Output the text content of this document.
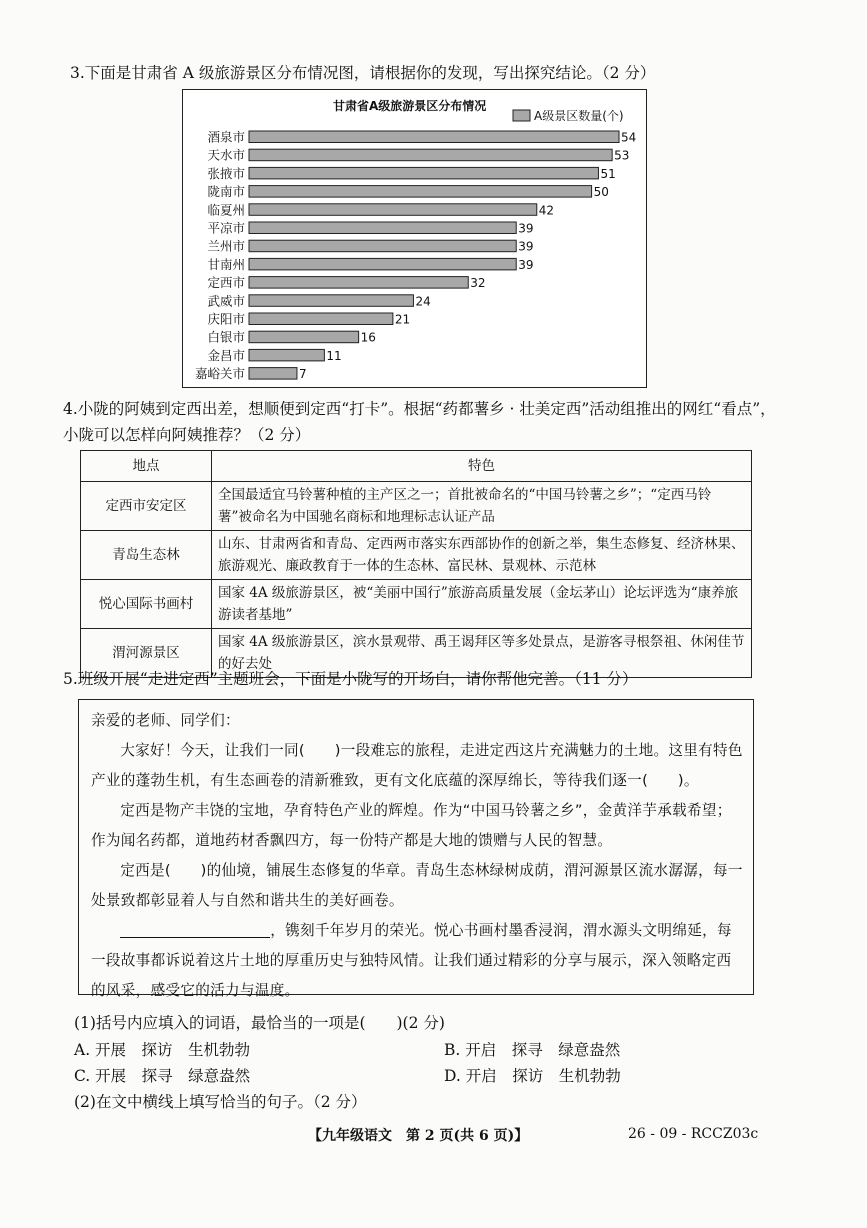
3.下面是甘肃省 A 级旅游景区分布情况图，请根据你的发现，写出探究结论。（2 分）
甘肃省A级旅游景区分布情况
A级景区数量(个)
酒泉市	54
天水市	53
张掖市	51
陇南市	50
临夏州	42
平凉市	39
兰州市	39
甘南州	39
定西市	32
武威市	24
庆阳市	21
白银市	16
金昌市	11
嘉峪关市	7
4.小陇的阿姨到定西出差，想顺便到定西“打卡”。根据“药都薯乡 · 壮美定西”活动组推出的网红“看点”，小陇可以怎样向阿姨推荐？（2 分）
地点	特色
定西市安定区	全国最适宜马铃薯种植的主产区之一；首批被命名的“中国马铃薯之乡”；“定西马铃薯”被命名为中国驰名商标和地理标志认证产品
青岛生态林	山东、甘肃两省和青岛、定西两市落实东西部协作的创新之举，集生态修复、经济林果、旅游观光、廉政教育于一体的生态林、富民林、景观林、示范林
悦心国际书画村	国家 4A 级旅游景区，被“美丽中国行”旅游高质量发展（金坛茅山）论坛评选为“康养旅游读者基地”
渭河源景区	国家 4A 级旅游景区，滨水景观带、禹王谒拜区等多处景点，是游客寻根祭祖、休闲佳节的好去处
5.班级开展“走进定西”主题班会，下面是小陇写的开场白，请你帮他完善。（11 分）

亲爱的老师、同学们：

大家好！今天，让我们一同(　　)一段难忘的旅程，走进定西这片充满魅力的土地。这里有特色产业的蓬勃生机，有生态画卷的清新雅致，更有文化底蕴的深厚绵长，等待我们逐一(　　)。

定西是物产丰饶的宝地，孕育特色产业的辉煌。作为“中国马铃薯之乡”，金黄洋芋承载希望；作为闻名药都，道地药材香飘四方，每一份特产都是大地的馈赠与人民的智慧。

定西是(　　)的仙境，铺展生态修复的华章。青岛生态林绿树成荫，渭河源景区流水潺潺，每一处景致都彰显着人与自然和谐共生的美好画卷。

，镌刻千年岁月的荣光。悦心书画村墨香浸润，渭水源头文明绵延，每一段故事都诉说着这片土地的厚重历史与独特风情。让我们通过精彩的分享与展示，深入领略定西的风采，感受它的活力与温度。

(1)括号内应填入的词语，最恰当的一项是(　　)(2 分)
A. 开展　探访　生机勃勃	B. 开启　探寻　绿意盎然
C. 开展　探寻　绿意盎然	D. 开启　探访　生机勃勃
(2)在文中横线上填写恰当的句子。（2 分）
【九年级语文　第 2 页(共 6 页)】	26 - 09 - RCCZ03c
